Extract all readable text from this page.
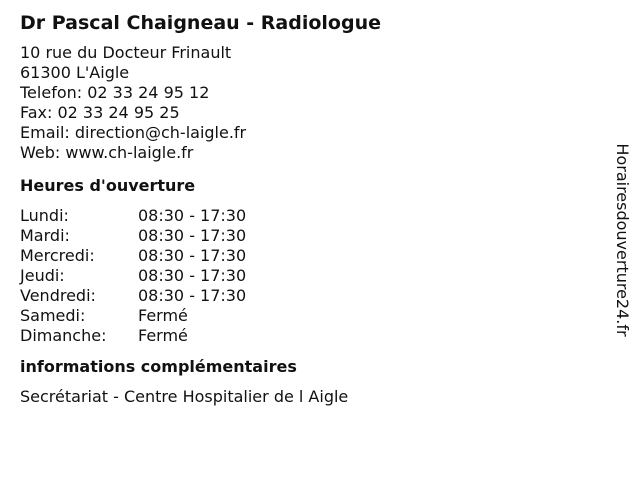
Dr Pascal Chaigneau - Radiologue
10 rue du Docteur Frinault
61300 L'Aigle
Telefon: 02 33 24 95 12
Fax: 02 33 24 95 25
Email: direction@ch-laigle.fr
Web: www.ch-laigle.fr
Heures d'ouverture
Lundi:	08:30 - 17:30
Mardi:	08:30 - 17:30
Mercredi:	08:30 - 17:30
Jeudi:	08:30 - 17:30
Vendredi:	08:30 - 17:30
Samedi:	Fermé
Dimanche: Fermé
informations complémentaires
Secrétariat - Centre Hospitalier de l Aigle
Horairesdouverture24.fr
